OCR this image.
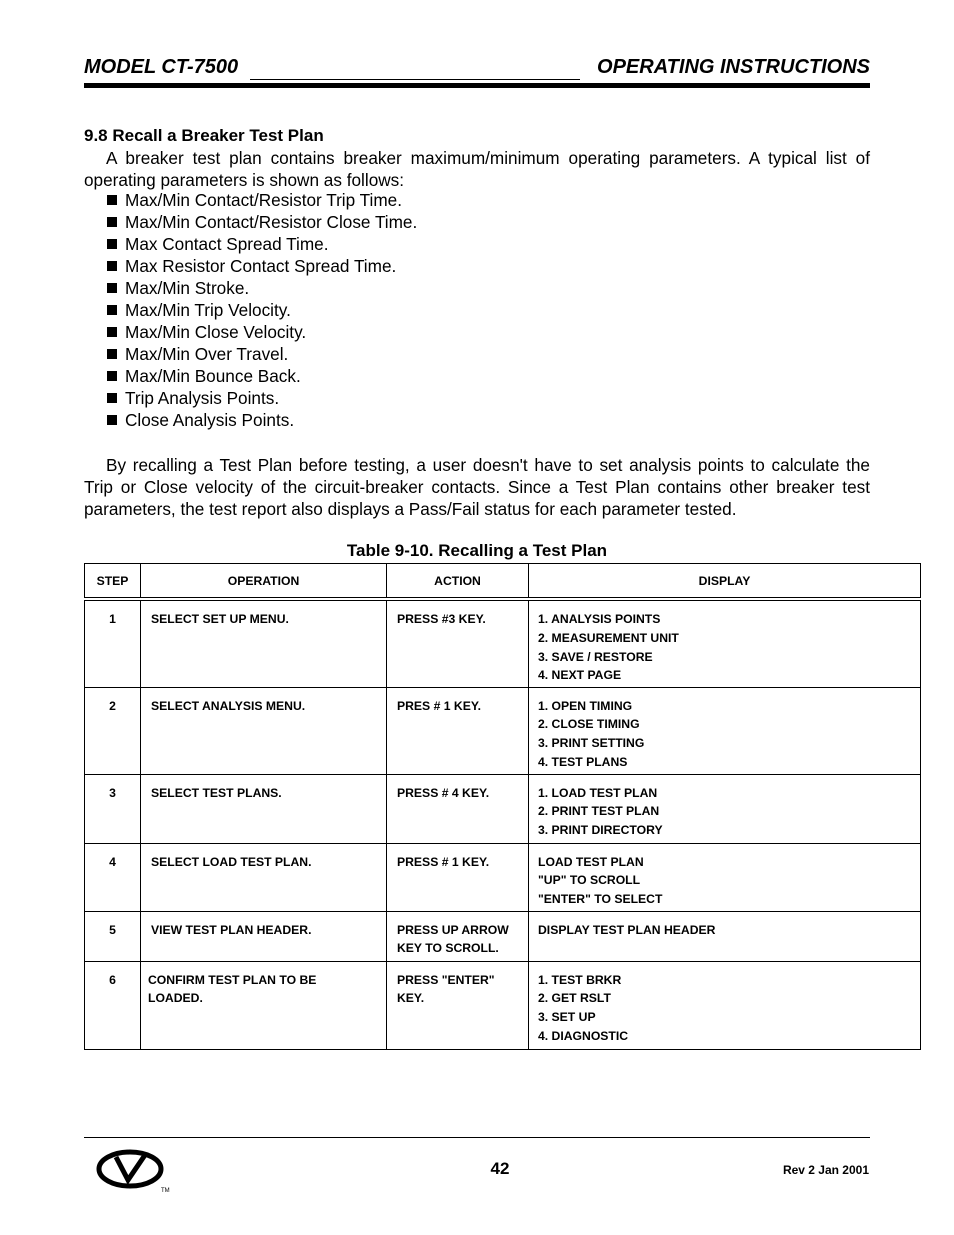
MODEL CT-7500	OPERATING INSTRUCTIONS
9.8 Recall a Breaker Test Plan
A breaker test plan contains breaker maximum/minimum operating parameters. A typical list of operating parameters is shown as follows:
Max/Min Contact/Resistor Trip Time.
Max/Min Contact/Resistor Close Time.
Max Contact Spread Time.
Max Resistor Contact Spread Time.
Max/Min Stroke.
Max/Min Trip Velocity.
Max/Min Close Velocity.
Max/Min Over Travel.
Max/Min Bounce Back.
Trip Analysis Points.
Close Analysis Points.
By recalling a Test Plan before testing, a user doesn't have to set analysis points to calculate the Trip or Close velocity of the circuit-breaker contacts. Since a Test Plan contains other breaker test parameters, the test report also displays a Pass/Fail status for each parameter tested.
Table 9-10. Recalling a Test Plan
STEP	OPERATION	ACTION	DISPLAY
1	SELECT SET UP MENU.	PRESS #3 KEY.	1. ANALYSIS POINTS
2. MEASUREMENT UNIT
3. SAVE / RESTORE
4. NEXT PAGE

2	SELECT ANALYSIS MENU.	PRES # 1 KEY.	1. OPEN TIMING
2. CLOSE TIMING
3. PRINT SETTING
4. TEST PLANS

3	SELECT TEST PLANS.	PRESS # 4 KEY.	1. LOAD TEST PLAN
2. PRINT TEST PLAN
3. PRINT DIRECTORY

4	SELECT LOAD TEST PLAN.	PRESS # 1 KEY.	LOAD TEST PLAN
"UP" TO SCROLL
"ENTER" TO SELECT

5	VIEW TEST PLAN HEADER.	PRESS UP ARROW
KEY TO SCROLL.	DISPLAY TEST PLAN HEADER

6	CONFIRM TEST PLAN TO BE
LOADED.	PRESS "ENTER"
KEY.	1. TEST BRKR
2. GET RSLT
3. SET UP
4. DIAGNOSTIC
TM
42	Rev 2 Jan 2001
